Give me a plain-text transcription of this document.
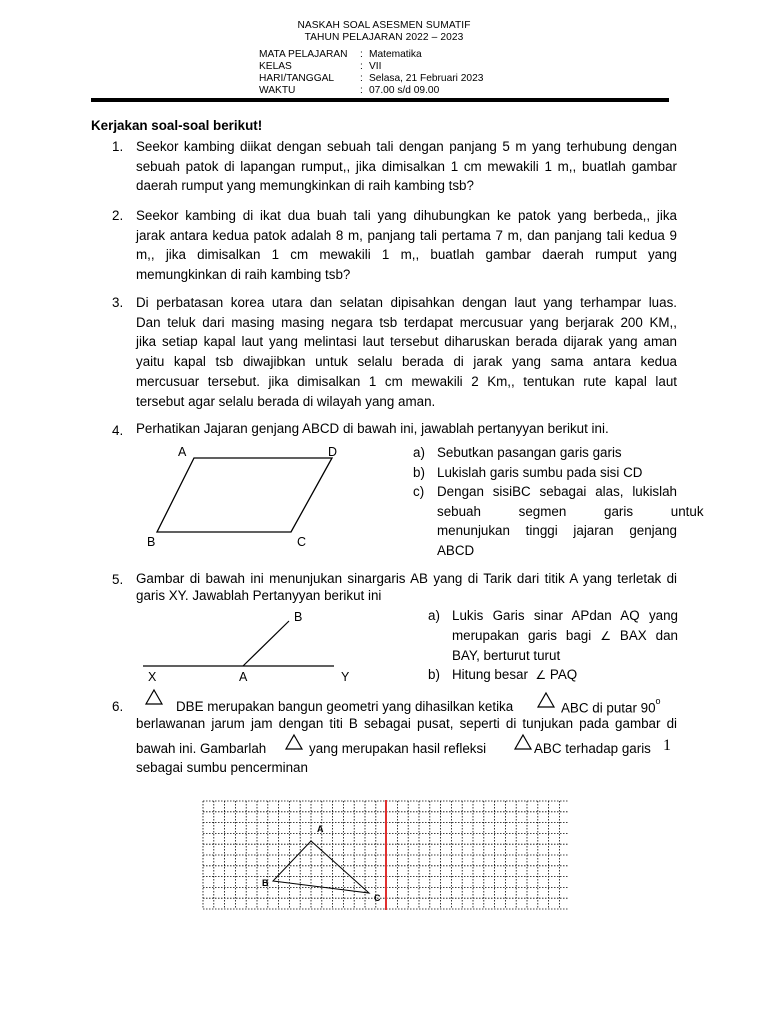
NASKAH SOAL ASESMEN SUMATIF
TAHUN PELAJARAN 2022 – 2023
MATA PELAJARAN : Matematika
KELAS	: VII
HARI/TANGGAL	: Selasa, 21 Februari 2023
WAKTU	: 07.00 s/d 09.00
Kerjakan soal-soal berikut!
1. Seekor kambing diikat dengan sebuah tali dengan panjang 5 m yang terhubung dengan
sebuah patok di lapangan rumput,, jika dimisalkan 1 cm mewakili 1 m,, buatlah gambar
daerah rumput yang memungkinkan di raih kambing tsb?
2. Seekor kambing di ikat dua buah tali yang dihubungkan ke patok yang berbeda,, jika
jarak antara kedua patok adalah 8 m, panjang tali pertama 7 m, dan panjang tali kedua 9
m,, jika dimisalkan 1 cm mewakili 1 m,, buatlah gambar daerah rumput yang
memungkinkan di raih kambing tsb?
3. Di perbatasan korea utara dan selatan dipisahkan dengan laut yang terhampar luas.
Dan teluk dari masing masing negara tsb terdapat mercusuar yang berjarak 200 KM,,
jika setiap kapal laut yang melintasi laut tersebut diharuskan berada dijarak yang aman
yaitu kapal tsb diwajibkan untuk selalu berada di jarak yang sama antara kedua
mercusuar tersebut. jika dimisalkan 1 cm mewakili 2 Km,, tentukan rute kapal laut
tersebut agar selalu berada di wilayah yang aman.
4. Perhatikan Jajaran genjang ABCD di bawah ini, jawablah pertanyyan berikut ini.
A	D
B	C
a) Sebutkan pasangan garis garis
b) Lukislah garis sumbu pada sisi CD
c) Dengan sisiBC sebagai alas, lukislah
sebuah segmen garis untuk
menunjukan tinggi jajaran genjang
ABCD
5. Gambar di bawah ini menunjukan sinargaris AB yang di Tarik dari titik A yang terletak di
garis XY. Jawablah Pertanyyan berikut ini
B
X	A	Y
a) Lukis Garis sinar APdan AQ yang
merupakan garis bagi ∠ BAX dan
BAY, berturut turut
b) Hitung besar ∠ PAQ
6.	DBE merupakan bangun geometri yang dihasilkan ketika	ABC di putar 90$^o$
berlawanan jarum jam dengan titi B sebagai pusat, seperti di tunjukan pada gambar di
bawah ini. Gambarlah	yang merupakan hasil refleksi	ABC terhadap garis 1
sebagai sumbu pencerminan
A
B
C
